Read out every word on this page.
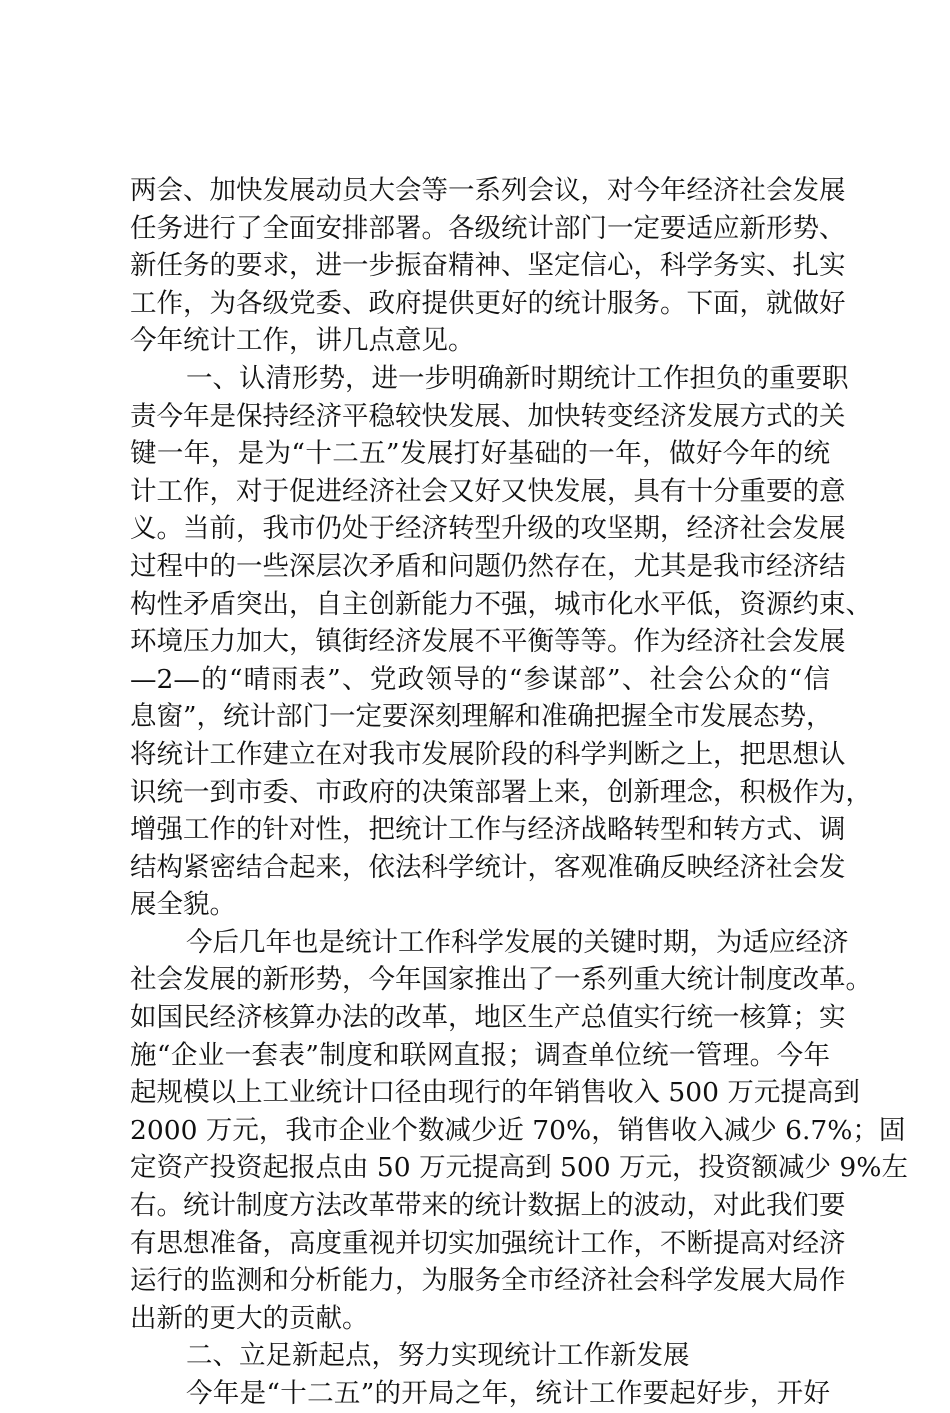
两会、加快发展动员大会等一系列会议，对今年经济社会发展
任务进行了全面安排部署。各级统计部门一定要适应新形势、
新任务的要求，进一步振奋精神、坚定信心，科学务实、扎实
工作，为各级党委、政府提供更好的统计服务。下面，就做好
今年统计工作，讲几点意见。
一、认清形势，进一步明确新时期统计工作担负的重要职
责今年是保持经济平稳较快发展、加快转变经济发展方式的关
键一年，是为“十二五”发展打好基础的一年，做好今年的统
计工作，对于促进经济社会又好又快发展，具有十分重要的意
义。当前，我市仍处于经济转型升级的攻坚期，经济社会发展
过程中的一些深层次矛盾和问题仍然存在，尤其是我市经济结
构性矛盾突出，自主创新能力不强，城市化水平低，资源约束、
环境压力加大，镇街经济发展不平衡等等。作为经济社会发展
—2—的“晴雨表”、党政领导的“参谋部”、社会公众的“信
息窗”，统计部门一定要深刻理解和准确把握全市发展态势，
将统计工作建立在对我市发展阶段的科学判断之上，把思想认
识统一到市委、市政府的决策部署上来，创新理念，积极作为，
增强工作的针对性，把统计工作与经济战略转型和转方式、调
结构紧密结合起来，依法科学统计，客观准确反映经济社会发
展全貌。
今后几年也是统计工作科学发展的关键时期，为适应经济
社会发展的新形势，今年国家推出了一系列重大统计制度改革。
如国民经济核算办法的改革，地区生产总值实行统一核算；实
施“企业一套表”制度和联网直报；调查单位统一管理。今年
起规模以上工业统计口径由现行的年销售收入 500 万元提高到
2000 万元，我市企业个数减少近 70%，销售收入减少 6.7%；固
定资产投资起报点由 50 万元提高到 500 万元，投资额减少 9%左
右。统计制度方法改革带来的统计数据上的波动，对此我们要
有思想准备，高度重视并切实加强统计工作，不断提高对经济
运行的监测和分析能力，为服务全市经济社会科学发展大局作
出新的更大的贡献。
二、立足新起点，努力实现统计工作新发展
今年是“十二五”的开局之年，统计工作要起好步，开好
